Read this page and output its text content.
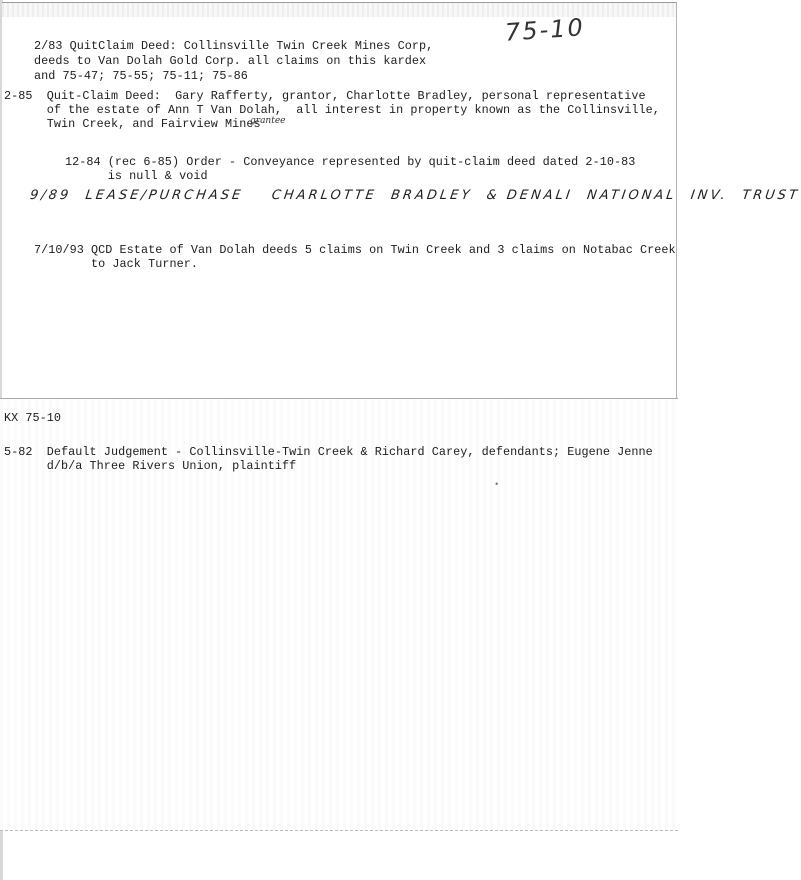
75-10
2/83 QuitClaim Deed: Collinsville Twin Creek Mines Corp,
deeds to Van Dolah Gold Corp. all claims on this kardex
and 75-47; 75-55; 75-11; 75-86
2-85  Quit-Claim Deed:  Gary Rafferty, grantor, Charlotte Bradley, personal representative
of the estate of Ann T Van Dolah,  all interest in property known as the Collinsville,
Twin Creek, and Fairview Mines
grantee
12-84 (rec 6-85) Order - Conveyance represented by quit-claim deed dated 2-10-83
is null & void
9/89  LEASE/PURCHASE    CHARLOTTE  BRADLEY  & DENALI  NATIONAL  INV.  TRUST
7/10/93 QCD Estate of Van Dolah deeds 5 claims on Twin Creek and 3 claims on Notabac Creek
to Jack Turner.
KX 75-10
5-82  Default Judgement - Collinsville-Twin Creek & Richard Carey, defendants; Eugene Jenne
d/b/a Three Rivers Union, plaintiff
•
